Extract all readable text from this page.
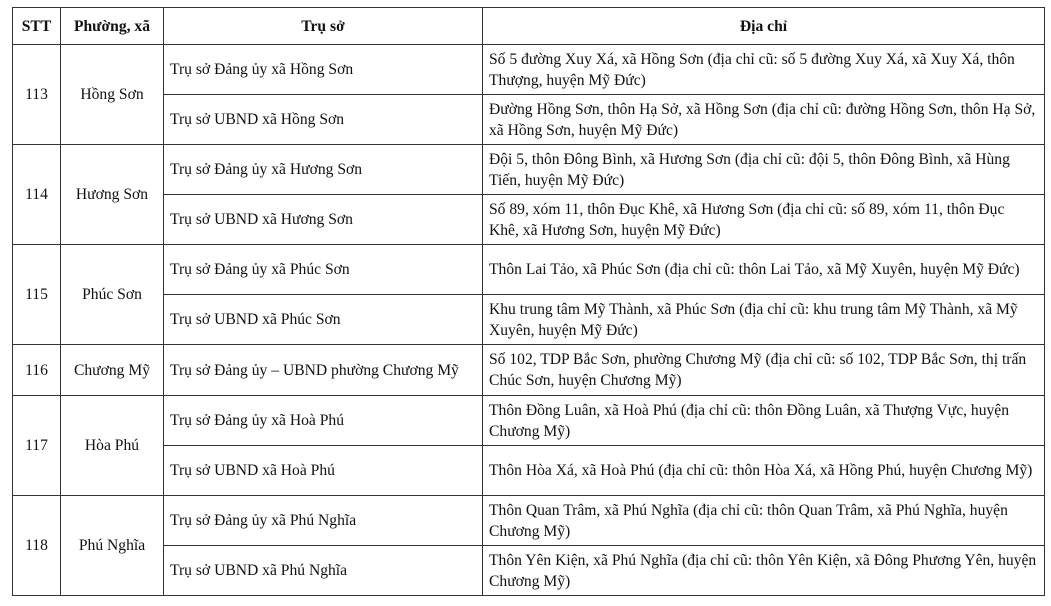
STT	Phường, xã	Trụ sở	Địa chỉ
113	Hồng Sơn	Trụ sở Đảng ủy xã Hồng Sơn	Số 5 đường Xuy Xá, xã Hồng Sơn (địa chỉ cũ: số 5 đường Xuy Xá, xã Xuy Xá, thôn Thượng, huyện Mỹ Đức)
		Trụ sở UBND xã Hồng Sơn	Đường Hồng Sơn, thôn Hạ Sở, xã Hồng Sơn (địa chỉ cũ: đường Hồng Sơn, thôn Hạ Sở, xã Hồng Sơn, huyện Mỹ Đức)
114	Hương Sơn	Trụ sở Đảng ủy xã Hương Sơn	Đội 5, thôn Đông Bình, xã Hương Sơn (địa chỉ cũ: đội 5, thôn Đông Bình, xã Hùng Tiến, huyện Mỹ Đức)
		Trụ sở UBND xã Hương Sơn	Số 89, xóm 11, thôn Đục Khê, xã Hương Sơn (địa chỉ cũ: số 89, xóm 11, thôn Đục Khê, xã Hương Sơn, huyện Mỹ Đức)
115	Phúc Sơn	Trụ sở Đảng ủy xã Phúc Sơn	Thôn Lai Tảo, xã Phúc Sơn (địa chỉ cũ: thôn Lai Tảo, xã Mỹ Xuyên, huyện Mỹ Đức)
		Trụ sở UBND xã Phúc Sơn	Khu trung tâm Mỹ Thành, xã Phúc Sơn (địa chỉ cũ: khu trung tâm Mỹ Thành, xã Mỹ Xuyên, huyện Mỹ Đức)
116	Chương Mỹ	Trụ sở Đảng ủy – UBND phường Chương Mỹ	Số 102, TDP Bắc Sơn, phường Chương Mỹ (địa chỉ cũ: số 102, TDP Bắc Sơn, thị trấn Chúc Sơn, huyện Chương Mỹ)
117	Hòa Phú	Trụ sở Đảng ủy xã Hoà Phú	Thôn Đồng Luân, xã Hoà Phú (địa chỉ cũ: thôn Đồng Luân, xã Thượng Vực, huyện Chương Mỹ)
		Trụ sở UBND xã Hoà Phú	Thôn Hòa Xá, xã Hoà Phú (địa chỉ cũ: thôn Hòa Xá, xã Hồng Phú, huyện Chương Mỹ)
118	Phú Nghĩa	Trụ sở Đảng ủy xã Phú Nghĩa	Thôn Quan Trâm, xã Phú Nghĩa (địa chỉ cũ: thôn Quan Trâm, xã Phú Nghĩa, huyện Chương Mỹ)
		Trụ sở UBND xã Phú Nghĩa	Thôn Yên Kiện, xã Phú Nghĩa (địa chỉ cũ: thôn Yên Kiện, xã Đông Phương Yên, huyện Chương Mỹ)
